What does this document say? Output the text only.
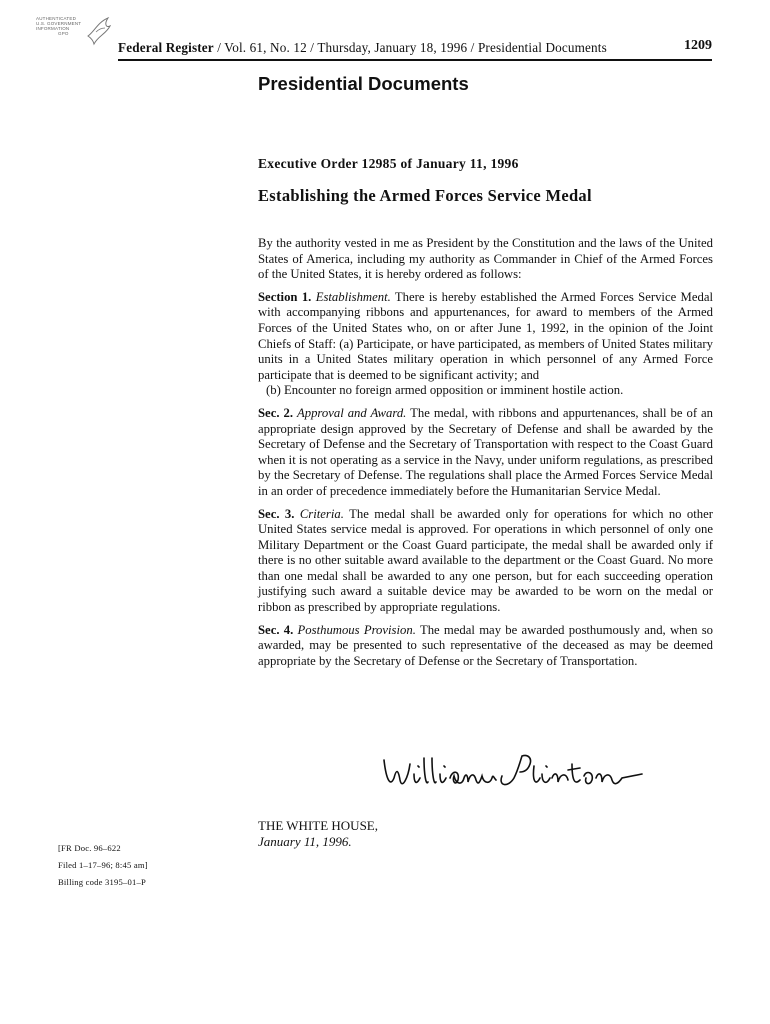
AUTHENTICATED
U.S. GOVERNMENT
INFORMATION
GPO
Federal Register / Vol. 61, No. 12 / Thursday, January 18, 1996 / Presidential Documents	1209
Presidential Documents
Executive Order 12985 of January 11, 1996
Establishing the Armed Forces Service Medal

By the authority vested in me as President by the Constitution and the laws of the United States of America, including my authority as Commander in Chief of the Armed Forces of the United States, it is hereby ordered as follows:

Section 1. Establishment. There is hereby established the Armed Forces Service Medal with accompanying ribbons and appurtenances, for award to members of the Armed Forces of the United States who, on or after June 1, 1992, in the opinion of the Joint Chiefs of Staff: (a) Participate, or have participated, as members of United States military units in a United States military operation in which personnel of any Armed Force participate that is deemed to be significant activity; and

(b) Encounter no foreign armed opposition or imminent hostile action.

Sec. 2. Approval and Award. The medal, with ribbons and appurtenances, shall be of an appropriate design approved by the Secretary of Defense and shall be awarded by the Secretary of Defense and the Secretary of Transportation with respect to the Coast Guard when it is not operating as a service in the Navy, under uniform regulations, as prescribed by the Secretary of Defense. The regulations shall place the Armed Forces Service Medal in an order of precedence immediately before the Humanitarian Service Medal.

Sec. 3. Criteria. The medal shall be awarded only for operations for which no other United States service medal is approved. For operations in which personnel of only one Military Department or the Coast Guard participate, the medal shall be awarded only if there is no other suitable award available to the department or the Coast Guard. No more than one medal shall be awarded to any one person, but for each succeeding operation justifying such award a suitable device may be awarded to be worn on the medal or ribbon as prescribed by appropriate regulations.

Sec. 4. Posthumous Provision. The medal may be awarded posthumously and, when so awarded, may be presented to such representative of the deceased as may be deemed appropriate by the Secretary of Defense or the Secretary of Transportation.

THE WHITE HOUSE,
January 11, 1996.
[FR Doc. 96–622
Filed 1–17–96; 8:45 am]
Billing code 3195–01–P
